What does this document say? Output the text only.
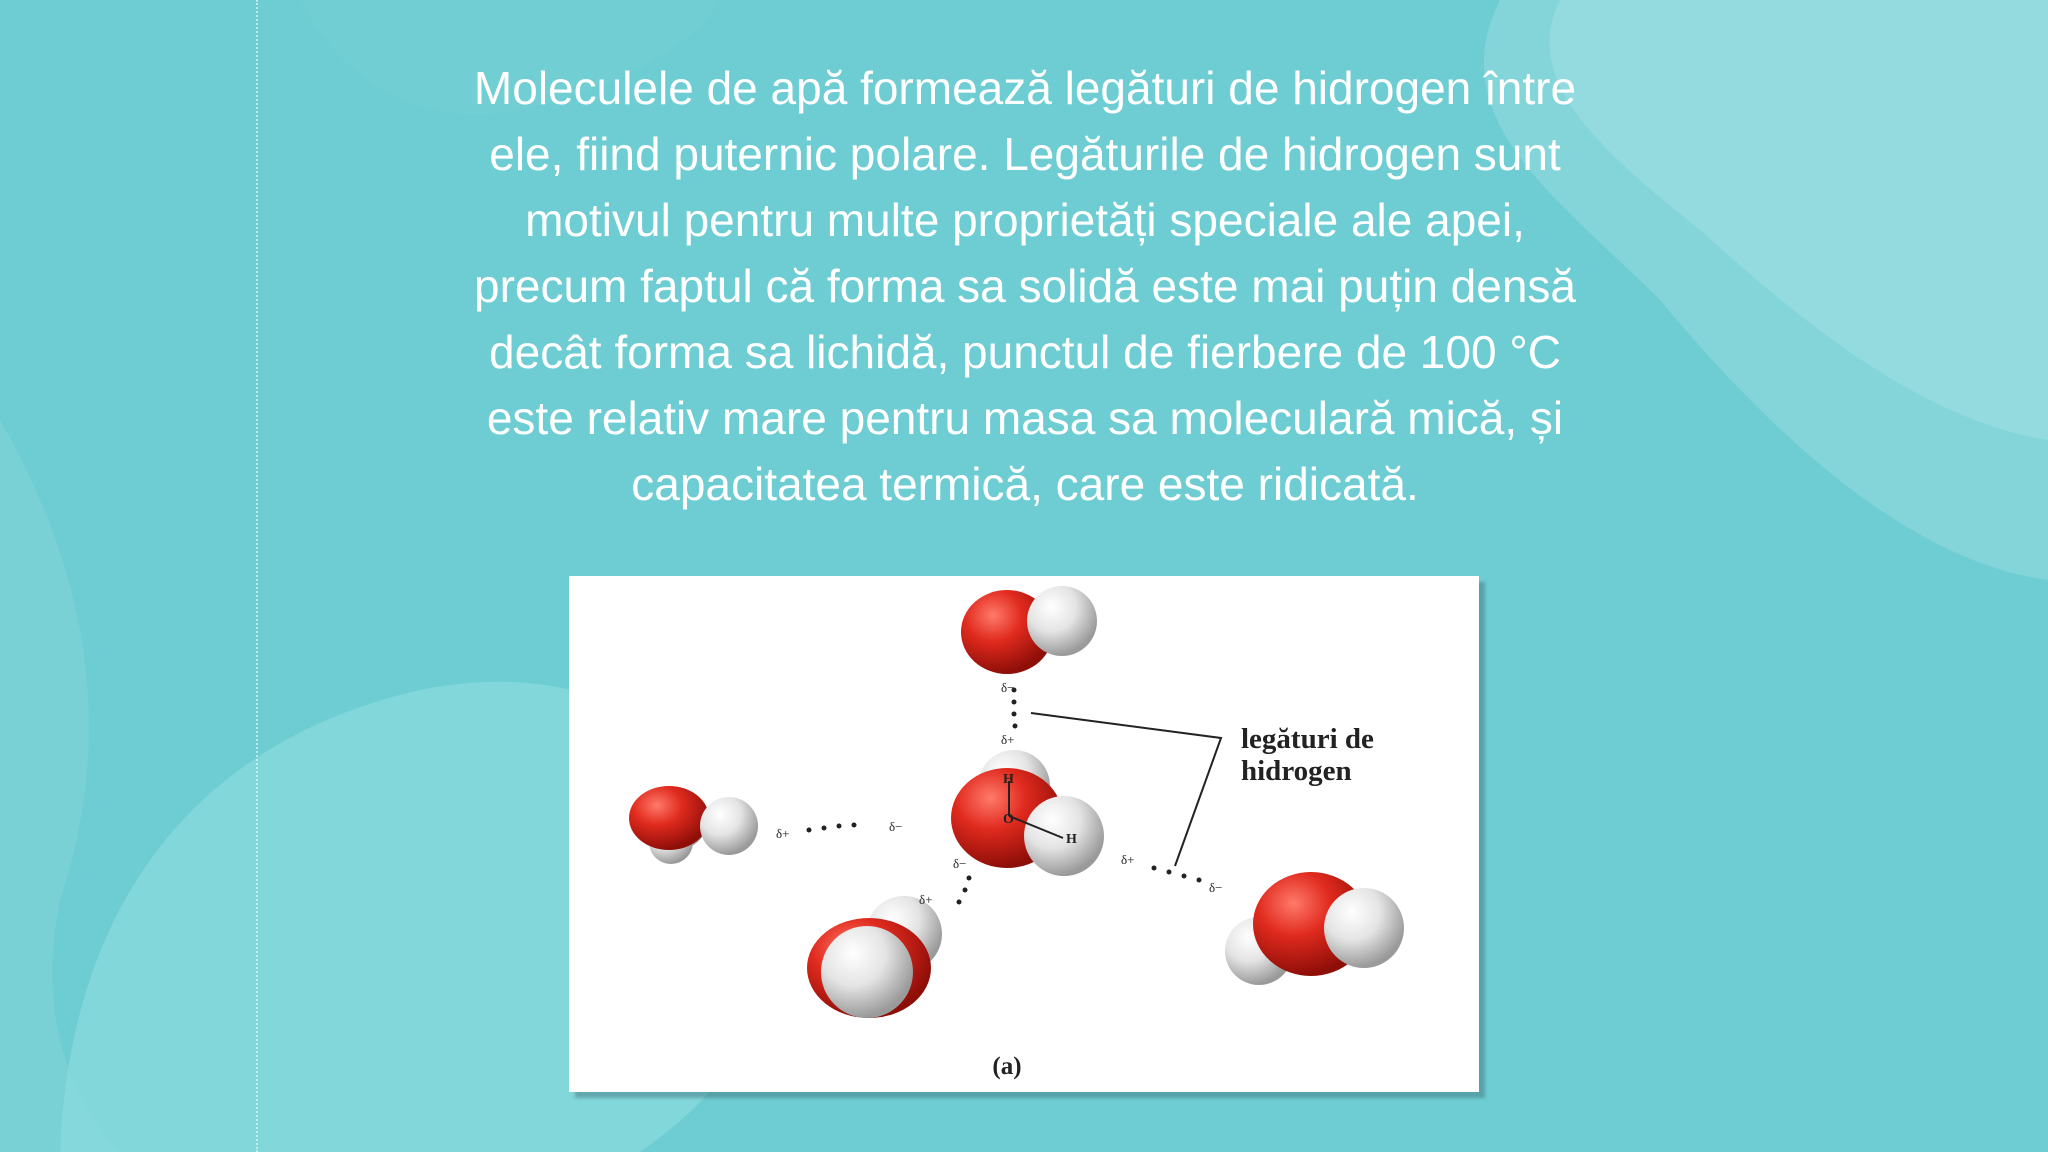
Moleculele de apă formează legături de hidrogen între
ele, fiind puternic polare. Legăturile de hidrogen sunt
motivul pentru multe proprietăți speciale ale apei,
precum faptul că forma sa solidă este mai puțin densă
decât forma sa lichidă, punctul de fierbere de 100 °C
este relativ mare pentru masa sa moleculară mică, și
capacitatea termică, care este ridicată.

H
O
H
δ−
δ+
δ+	δ−
δ−
δ+
δ+
δ−
legături de
hidrogen
(a)
